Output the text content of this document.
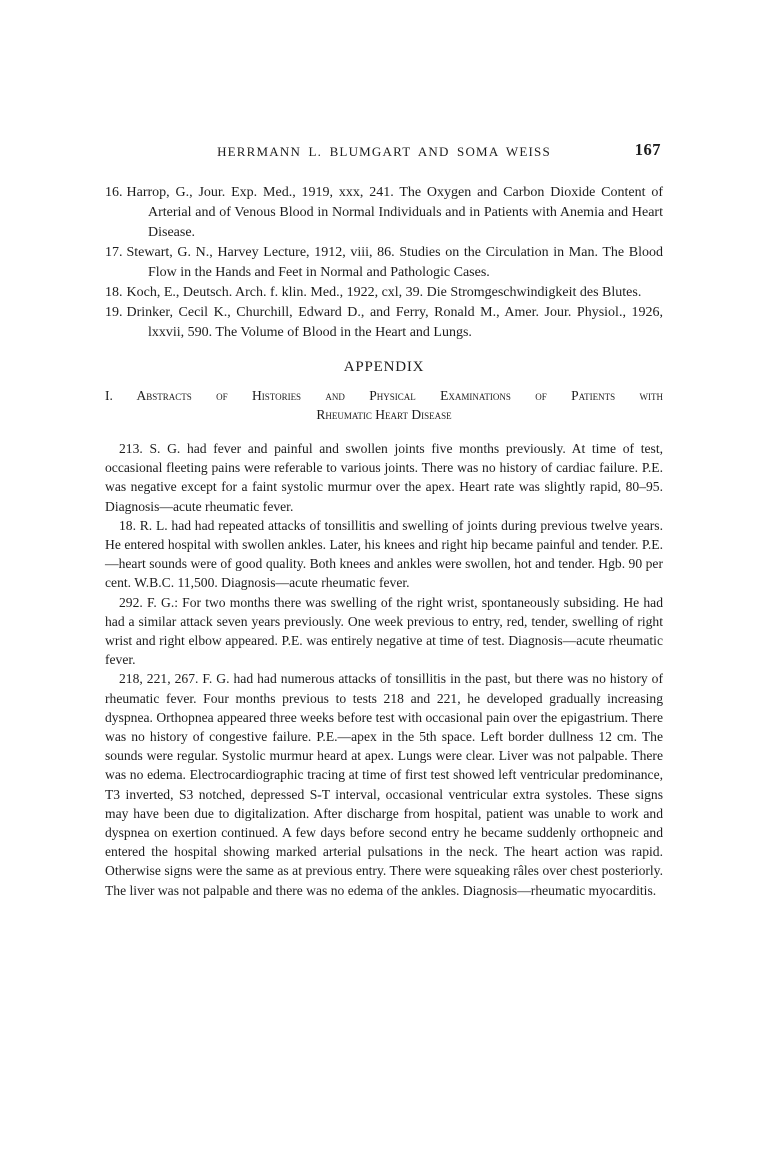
HERRMANN L. BLUMGART AND SOMA WEISS	167

16. Harrop, G., Jour. Exp. Med., 1919, xxx, 241. The Oxygen and Carbon Dioxide Content of Arterial and of Venous Blood in Normal Individuals and in Patients with Anemia and Heart Disease.

17. Stewart, G. N., Harvey Lecture, 1912, viii, 86. Studies on the Circulation in Man. The Blood Flow in the Hands and Feet in Normal and Pathologic Cases.

18. Koch, E., Deutsch. Arch. f. klin. Med., 1922, cxl, 39. Die Stromgeschwindigkeit des Blutes.

19. Drinker, Cecil K., Churchill, Edward D., and Ferry, Ronald M., Amer. Jour. Physiol., 1926, lxxvii, 590. The Volume of Blood in the Heart and Lungs.

APPENDIX
I. Abstracts of Histories and Physical Examinations of Patients with
Rheumatic Heart Disease

213. S. G. had fever and painful and swollen joints five months previously. At time of test, occasional fleeting pains were referable to various joints. There was no history of cardiac failure. P.E. was negative except for a faint systolic murmur over the apex. Heart rate was slightly rapid, 80–95. Diagnosis—acute rheumatic fever.

18. R. L. had had repeated attacks of tonsillitis and swelling of joints during previous twelve years. He entered hospital with swollen ankles. Later, his knees and right hip became painful and tender. P.E.—heart sounds were of good quality. Both knees and ankles were swollen, hot and tender. Hgb. 90 per cent. W.B.C. 11,500. Diagnosis—acute rheumatic fever.

292. F. G.: For two months there was swelling of the right wrist, spontaneously subsiding. He had had a similar attack seven years previously. One week previous to entry, red, tender, swelling of right wrist and right elbow appeared. P.E. was entirely negative at time of test. Diagnosis—acute rheumatic fever.

218, 221, 267. F. G. had had numerous attacks of tonsillitis in the past, but there was no history of rheumatic fever. Four months previous to tests 218 and 221, he developed gradually increasing dyspnea. Orthopnea appeared three weeks before test with occasional pain over the epigastrium. There was no history of congestive failure. P.E.—apex in the 5th space. Left border dullness 12 cm. The sounds were regular. Systolic murmur heard at apex. Lungs were clear. Liver was not palpable. There was no edema. Electrocardiographic tracing at time of first test showed left ventricular predominance, T3 inverted, S3 notched, depressed S-T interval, occasional ventricular extra systoles. These signs may have been due to digitalization. After discharge from hospital, patient was unable to work and dyspnea on exertion continued. A few days before second entry he became suddenly orthopneic and entered the hospital showing marked arterial pulsations in the neck. The heart action was rapid. Otherwise signs were the same as at previous entry. There were squeaking râles over chest posteriorly. The liver was not palpable and there was no edema of the ankles. Diagnosis—rheumatic myocarditis.
